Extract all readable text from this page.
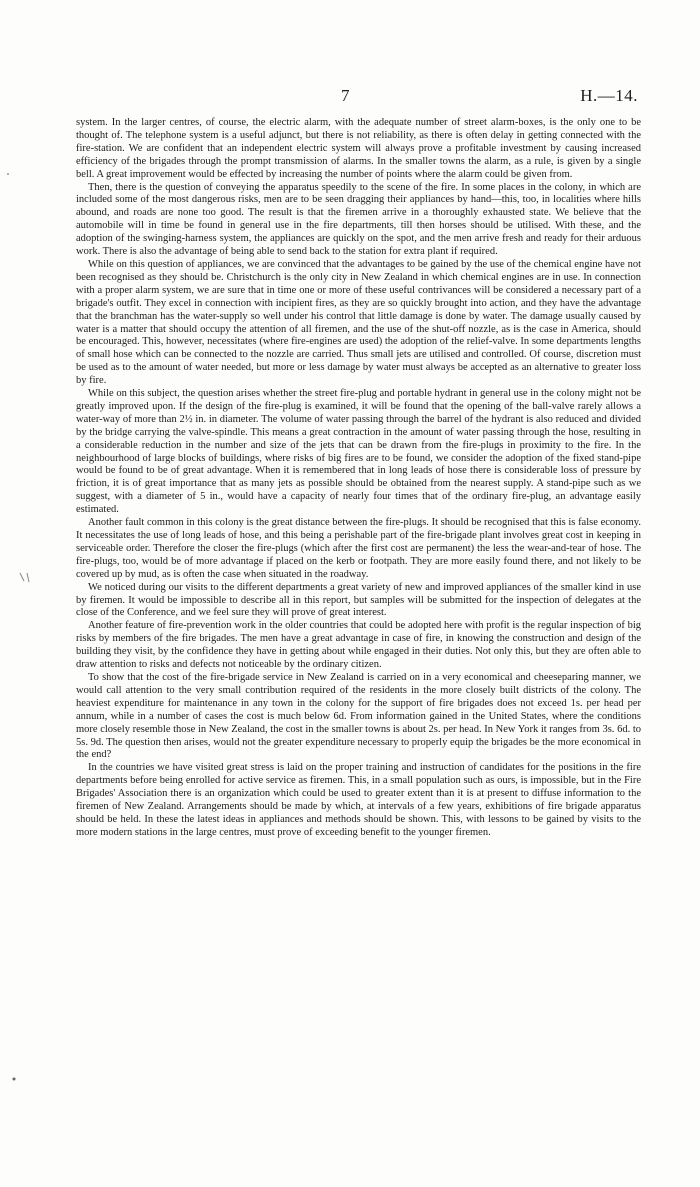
7	H.—14.

system. In the larger centres, of course, the electric alarm, with the adequate number of street alarm-boxes, is the only one to be thought of. The telephone system is a useful adjunct, but there is not reliability, as there is often delay in getting connected with the fire-station. We are confident that an independent electric system will always prove a profitable investment by causing increased efficiency of the brigades through the prompt transmission of alarms. In the smaller towns the alarm, as a rule, is given by a single bell. A great improvement would be effected by increasing the number of points where the alarm could be given from.

Then, there is the question of conveying the apparatus speedily to the scene of the fire. In some places in the colony, in which are included some of the most dangerous risks, men are to be seen dragging their appliances by hand—this, too, in localities where hills abound, and roads are none too good. The result is that the firemen arrive in a thoroughly exhausted state. We believe that the automobile will in time be found in general use in the fire departments, till then horses should be utilised. With these, and the adoption of the swinging-harness system, the appliances are quickly on the spot, and the men arrive fresh and ready for their arduous work. There is also the advantage of being able to send back to the station for extra plant if required.

While on this question of appliances, we are convinced that the advantages to be gained by the use of the chemical engine have not been recognised as they should be. Christchurch is the only city in New Zealand in which chemical engines are in use. In connection with a proper alarm system, we are sure that in time one or more of these useful contrivances will be considered a necessary part of a brigade's outfit. They excel in connection with incipient fires, as they are so quickly brought into action, and they have the advantage that the branchman has the water-supply so well under his control that little damage is done by water. The damage usually caused by water is a matter that should occupy the attention of all firemen, and the use of the shut-off nozzle, as is the case in America, should be encouraged. This, however, necessitates (where fire-engines are used) the adoption of the relief-valve. In some departments lengths of small hose which can be connected to the nozzle are carried. Thus small jets are utilised and controlled. Of course, discretion must be used as to the amount of water needed, but more or less damage by water must always be accepted as an alternative to greater loss by fire.

While on this subject, the question arises whether the street fire-plug and portable hydrant in general use in the colony might not be greatly improved upon. If the design of the fire-plug is examined, it will be found that the opening of the ball-valve rarely allows a water-way of more than 2½ in. in diameter. The volume of water passing through the barrel of the hydrant is also reduced and divided by the bridge carrying the valve-spindle. This means a great contraction in the amount of water passing through the hose, resulting in a considerable reduction in the number and size of the jets that can be drawn from the fire-plugs in proximity to the fire. In the neighbourhood of large blocks of buildings, where risks of big fires are to be found, we consider the adoption of the fixed stand-pipe would be found to be of great advantage. When it is remembered that in long leads of hose there is considerable loss of pressure by friction, it is of great importance that as many jets as possible should be obtained from the nearest supply. A stand-pipe such as we suggest, with a diameter of 5 in., would have a capacity of nearly four times that of the ordinary fire-plug, an advantage easily estimated.

Another fault common in this colony is the great distance between the fire-plugs. It should be recognised that this is false economy. It necessitates the use of long leads of hose, and this being a perishable part of the fire-brigade plant involves great cost in keeping in serviceable order. Therefore the closer the fire-plugs (which after the first cost are permanent) the less the wear-and-tear of hose. The fire-plugs, too, would be of more advantage if placed on the kerb or footpath. They are more easily found there, and not likely to be covered up by mud, as is often the case when situated in the roadway.

We noticed during our visits to the different departments a great variety of new and improved appliances of the smaller kind in use by firemen. It would be impossible to describe all in this report, but samples will be submitted for the inspection of delegates at the close of the Conference, and we feel sure they will prove of great interest.

Another feature of fire-prevention work in the older countries that could be adopted here with profit is the regular inspection of big risks by members of the fire brigades. The men have a great advantage in case of fire, in knowing the construction and design of the building they visit, by the confidence they have in getting about while engaged in their duties. Not only this, but they are often able to draw attention to risks and defects not noticeable by the ordinary citizen.

To show that the cost of the fire-brigade service in New Zealand is carried on in a very economical and cheeseparing manner, we would call attention to the very small contribution required of the residents in the more closely built districts of the colony. The heaviest expenditure for maintenance in any town in the colony for the support of fire brigades does not exceed 1s. per head per annum, while in a number of cases the cost is much below 6d. From information gained in the United States, where the conditions more closely resemble those in New Zealand, the cost in the smaller towns is about 2s. per head. In New York it ranges from 3s. 6d. to 5s. 9d. The question then arises, would not the greater expenditure necessary to properly equip the brigades be the more economical in the end?

In the countries we have visited great stress is laid on the proper training and instruction of candidates for the positions in the fire departments before being enrolled for active service as firemen. This, in a small population such as ours, is impossible, but in the Fire Brigades' Association there is an organization which could be used to greater extent than it is at present to diffuse information to the firemen of New Zealand. Arrangements should be made by which, at intervals of a few years, exhibitions of fire brigade apparatus should be held. In these the latest ideas in appliances and methods should be shown. This, with lessons to be gained by visits to the more modern stations in the large centres, must prove of exceeding benefit to the younger firemen.
